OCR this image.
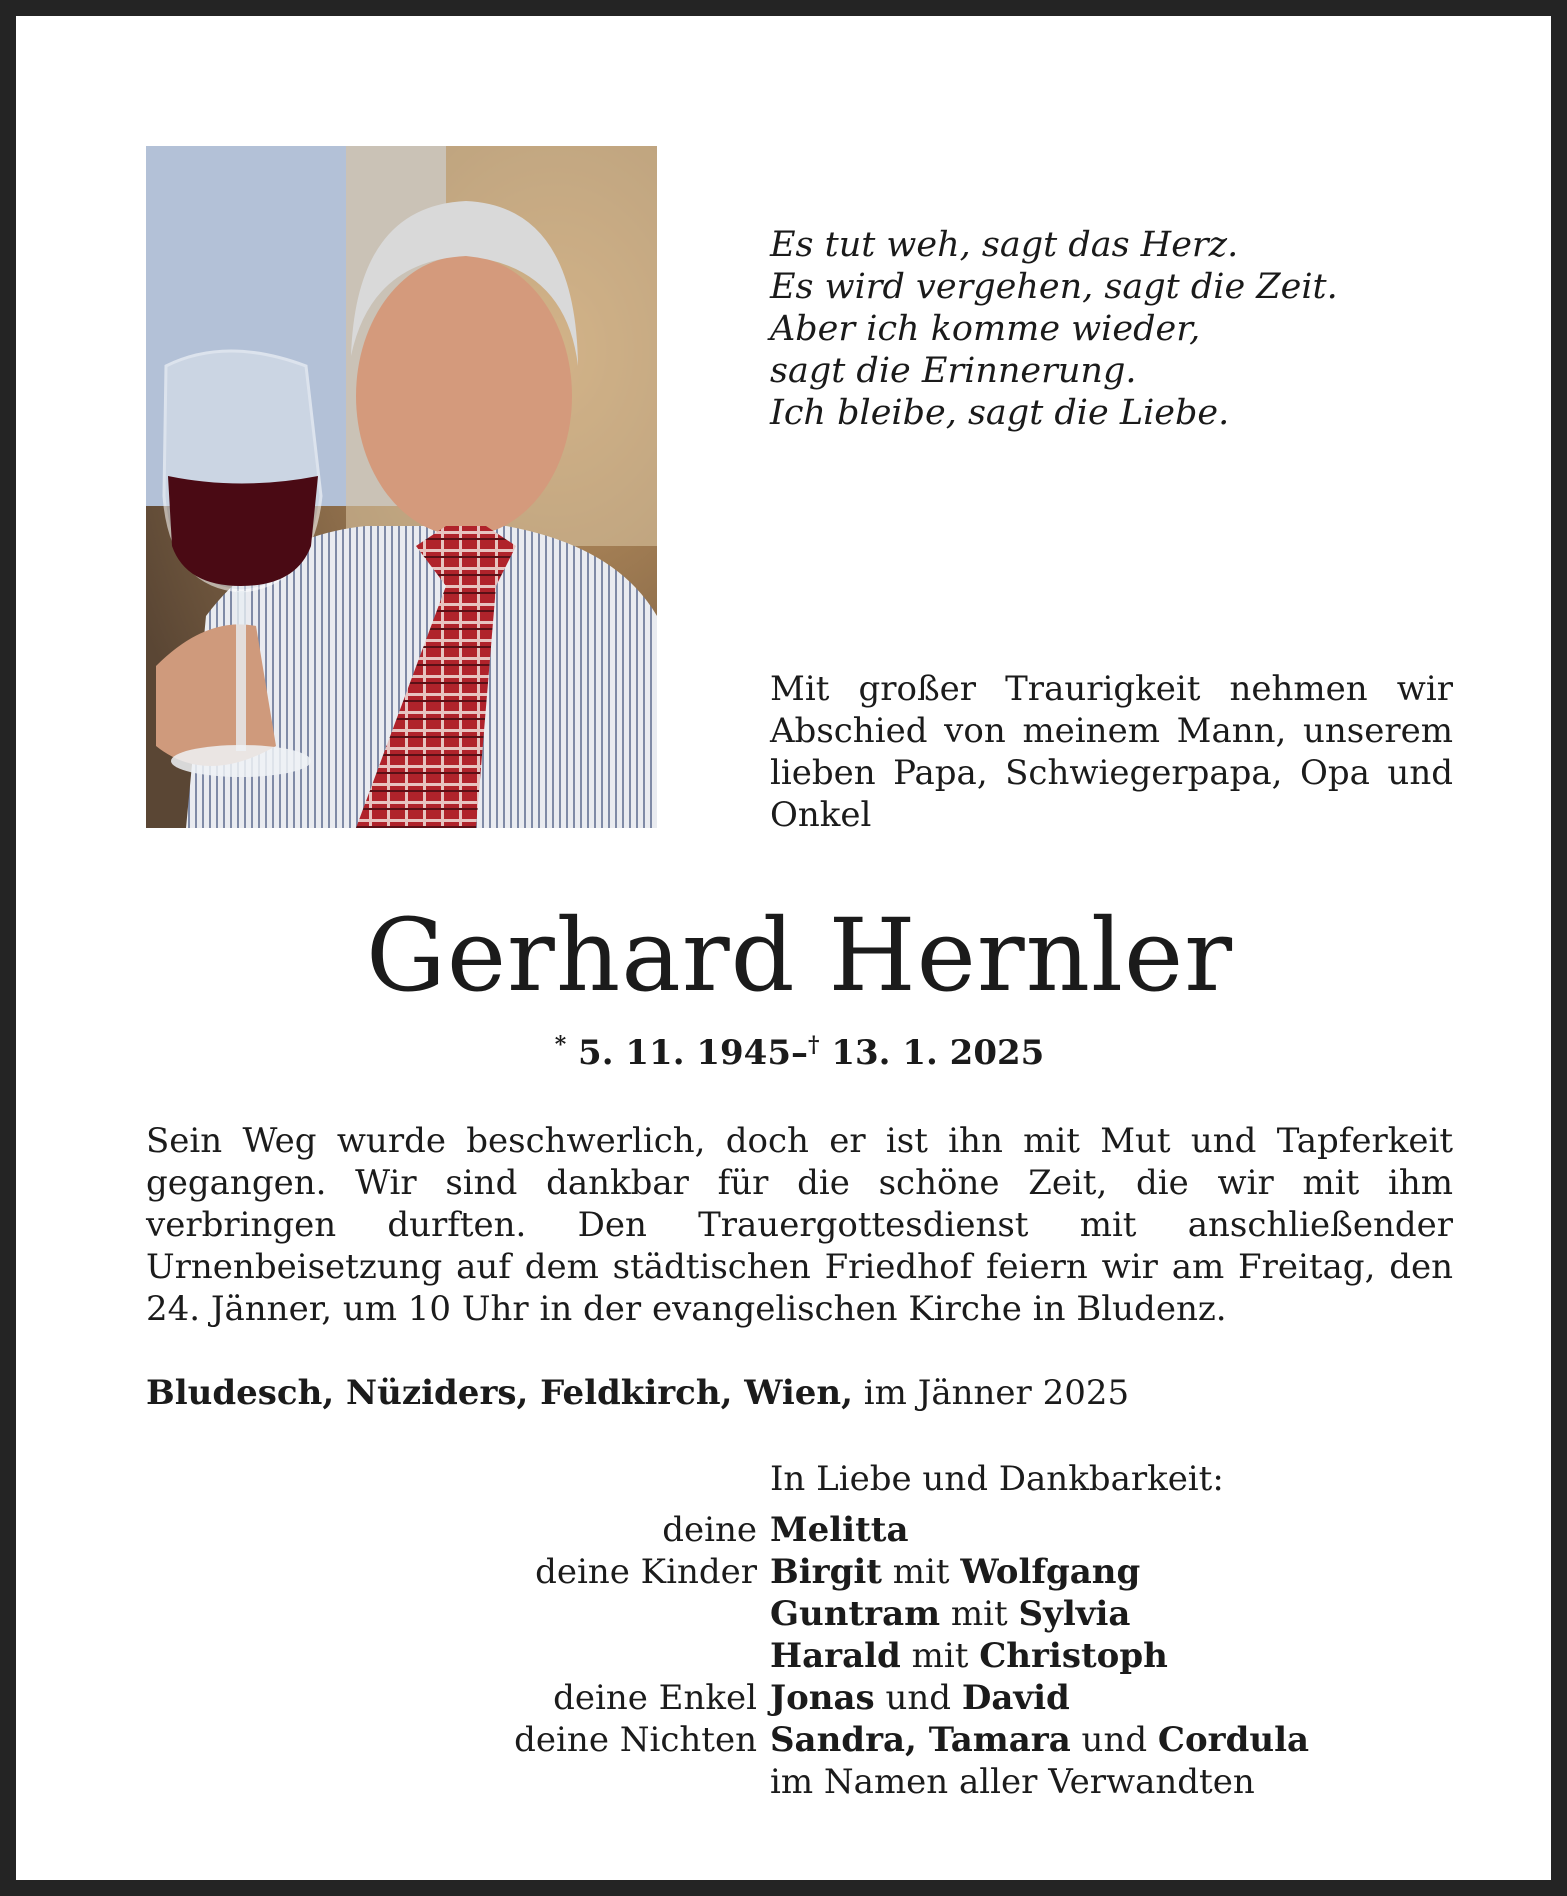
Es tut weh, sagt das Herz.
Es wird vergehen, sagt die Zeit.
Aber ich komme wieder,
sagt die Erinnerung.
Ich bleibe, sagt die Liebe.
Mit großer Traurigkeit nehmen wir Abschied von meinem Mann, unserem lieben Papa, Schwiegerpapa, Opa und Onkel
Gerhard Hernler
* 5. 11. 1945–† 13. 1. 2025
Sein Weg wurde beschwerlich, doch er ist ihn mit Mut und Tapferkeit gegangen. Wir sind dankbar für die schöne Zeit, die wir mit ihm verbringen durften. Den Trauergottesdienst mit anschließender Urnenbeisetzung auf dem städtischen Friedhof feiern wir am Freitag, den 24. Jänner, um 10 Uhr in der evangelischen Kirche in Bludenz.
Bludesch, Nüziders, Feldkirch, Wien, im Jänner 2025
In Liebe und Dankbarkeit:
deine Melitta
deine Kinder Birgit mit Wolfgang
Guntram mit Sylvia
Harald mit Christoph
deine Enkel Jonas und David
deine Nichten Sandra, Tamara und Cordula
im Namen aller Verwandten
